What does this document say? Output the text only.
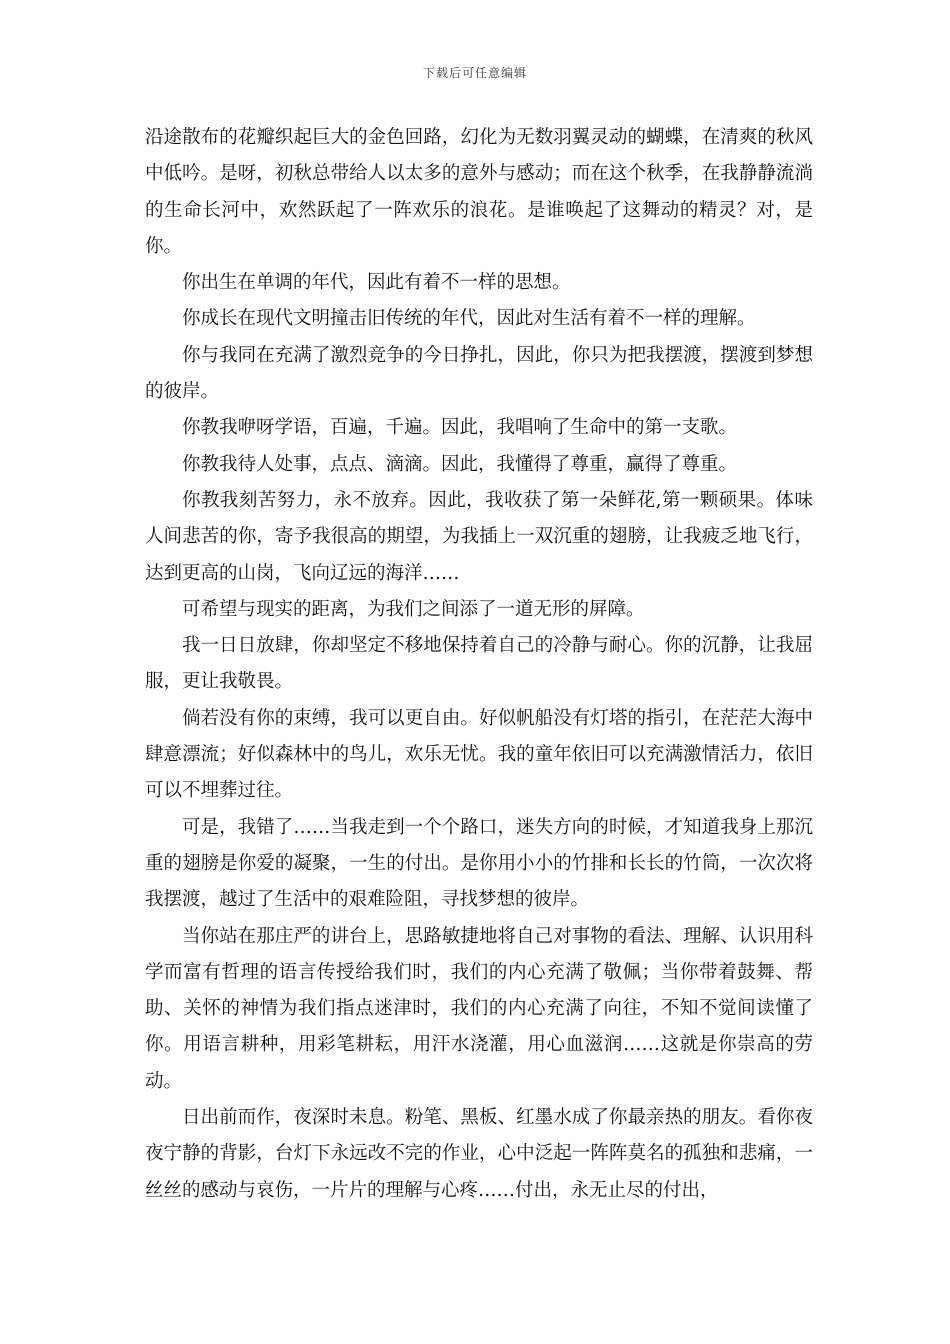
下载后可任意编辑

沿途散布的花瓣织起巨大的金色回路，幻化为无数羽翼灵动的蝴蝶，在清爽的秋风中低吟。是呀，初秋总带给人以太多的意外与感动；而在这个秋季，在我静静流淌的生命长河中，欢然跃起了一阵欢乐的浪花。是谁唤起了这舞动的精灵？对，是你。

你出生在单调的年代，因此有着不一样的思想。

你成长在现代文明撞击旧传统的年代，因此对生活有着不一样的理解。

你与我同在充满了激烈竞争的今日挣扎，因此，你只为把我摆渡，摆渡到梦想的彼岸。

你教我咿呀学语，百遍，千遍。因此，我唱响了生命中的第一支歌。

你教我待人处事，点点、滴滴。因此，我懂得了尊重，赢得了尊重。

你教我刻苦努力，永不放弃。因此，我收获了第一朵鲜花,第一颗硕果。体味人间悲苦的你，寄予我很高的期望，为我插上一双沉重的翅膀，让我疲乏地飞行，达到更高的山岗，飞向辽远的海洋……

可希望与现实的距离，为我们之间添了一道无形的屏障。

我一日日放肆，你却坚定不移地保持着自己的冷静与耐心。你的沉静，让我屈服，更让我敬畏。

倘若没有你的束缚，我可以更自由。好似帆船没有灯塔的指引，在茫茫大海中肆意漂流；好似森林中的鸟儿，欢乐无忧。我的童年依旧可以充满激情活力，依旧可以不埋葬过往。

可是，我错了……当我走到一个个路口，迷失方向的时候，才知道我身上那沉重的翅膀是你爱的凝聚，一生的付出。是你用小小的竹排和长长的竹筒，一次次将我摆渡，越过了生活中的艰难险阻，寻找梦想的彼岸。

当你站在那庄严的讲台上，思路敏捷地将自己对事物的看法、理解、认识用科学而富有哲理的语言传授给我们时，我们的内心充满了敬佩；当你带着鼓舞、帮助、关怀的神情为我们指点迷津时，我们的内心充满了向往，不知不觉间读懂了你。用语言耕种，用彩笔耕耘，用汗水浇灌，用心血滋润……这就是你崇高的劳动。

日出前而作，夜深时未息。粉笔、黑板、红墨水成了你最亲热的朋友。看你夜夜宁静的背影，台灯下永远改不完的作业，心中泛起一阵阵莫名的孤独和悲痛，一丝丝的感动与哀伤，一片片的理解与心疼……付出，永无止尽的付出，
